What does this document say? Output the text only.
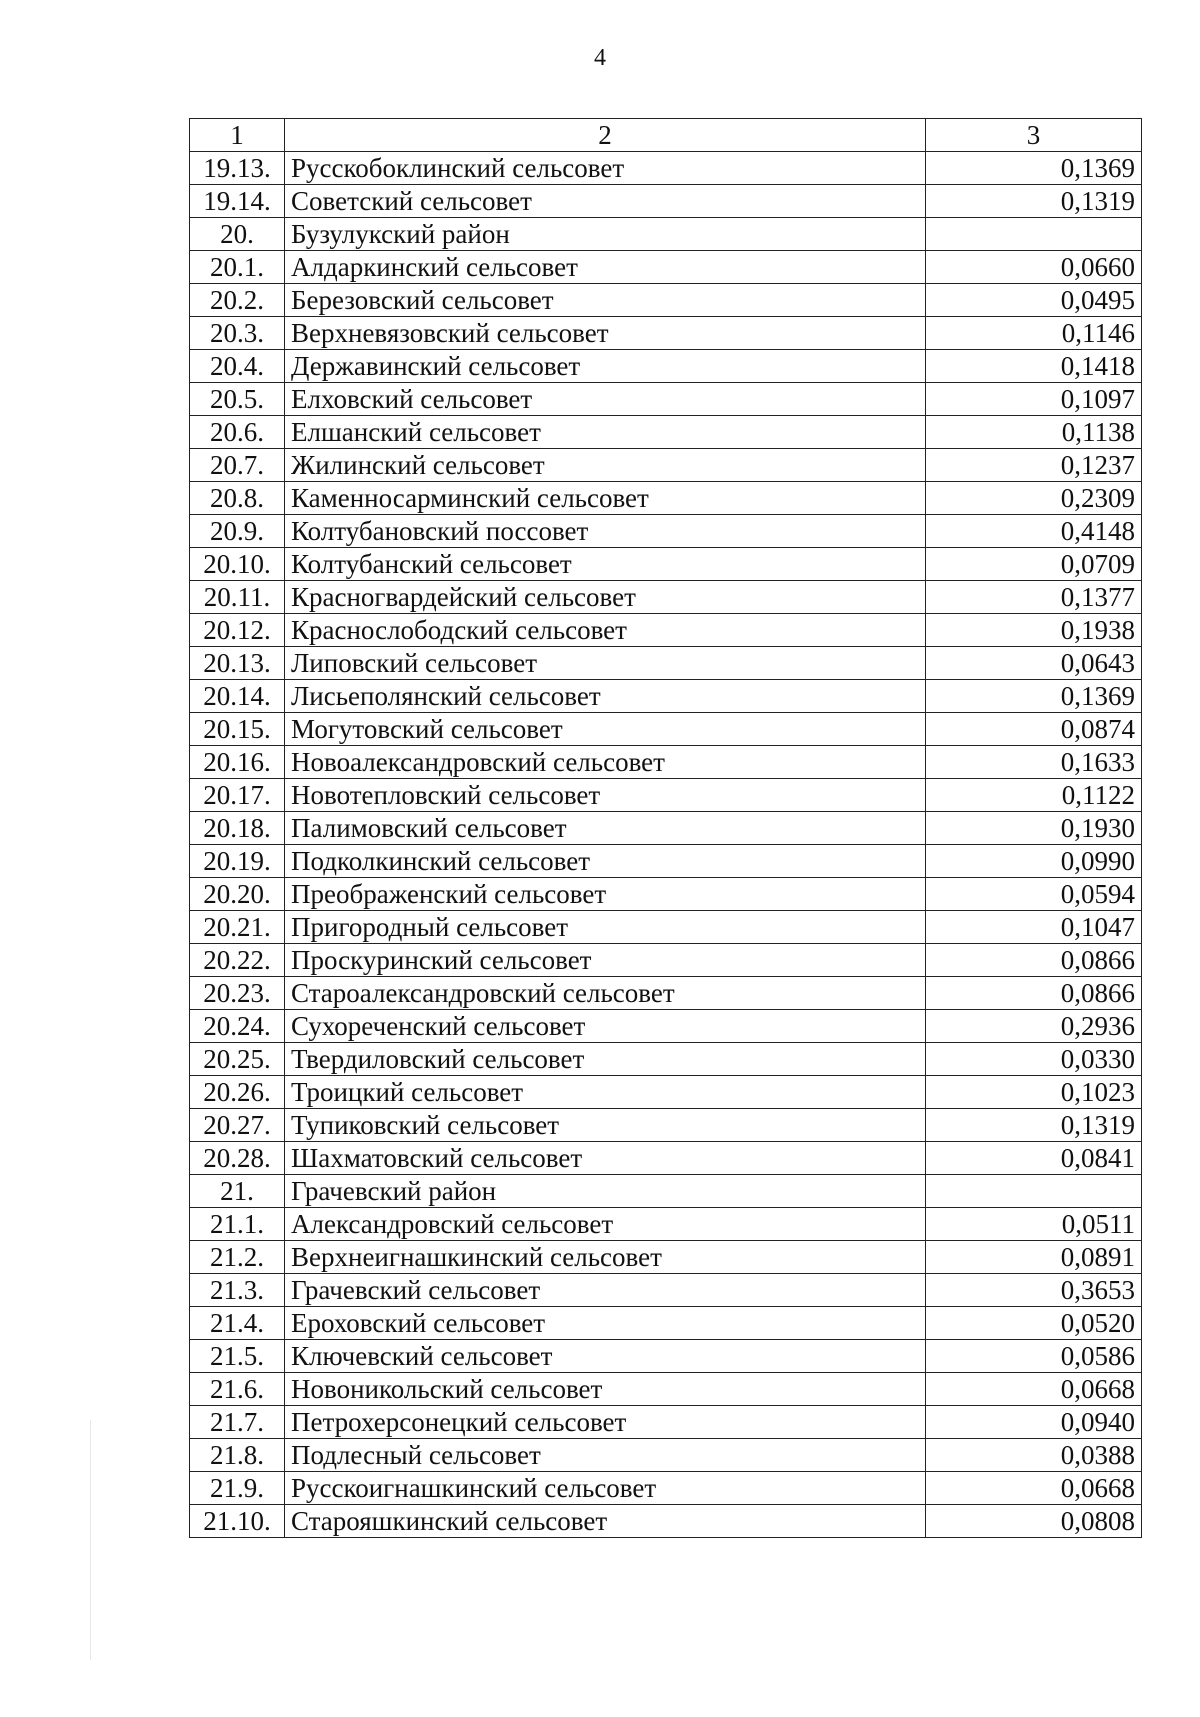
4
1	2	3
19.13.	Русскобоклинский сельсовет	0,1369
19.14.	Советский сельсовет	0,1319
20.	Бузулукский район	
20.1.	Алдаркинский сельсовет	0,0660
20.2.	Березовский сельсовет	0,0495
20.3.	Верхневязовский сельсовет	0,1146
20.4.	Державинский сельсовет	0,1418
20.5.	Елховский сельсовет	0,1097
20.6.	Елшанский сельсовет	0,1138
20.7.	Жилинский сельсовет	0,1237
20.8.	Каменносарминский сельсовет	0,2309
20.9.	Колтубановский поссовет	0,4148
20.10.	Колтубанский сельсовет	0,0709
20.11.	Красногвардейский сельсовет	0,1377
20.12.	Краснослободский сельсовет	0,1938
20.13.	Липовский сельсовет	0,0643
20.14.	Лисьеполянский сельсовет	0,1369
20.15.	Могутовский сельсовет	0,0874
20.16.	Новоалександровский сельсовет	0,1633
20.17.	Новотепловский сельсовет	0,1122
20.18.	Палимовский сельсовет	0,1930
20.19.	Подколкинский сельсовет	0,0990
20.20.	Преображенский сельсовет	0,0594
20.21.	Пригородный сельсовет	0,1047
20.22.	Проскуринский сельсовет	0,0866
20.23.	Староалександровский сельсовет	0,0866
20.24.	Сухореченский сельсовет	0,2936
20.25.	Твердиловский сельсовет	0,0330
20.26.	Троицкий сельсовет	0,1023
20.27.	Тупиковский сельсовет	0,1319
20.28.	Шахматовский сельсовет	0,0841
21.	Грачевский район	
21.1.	Александровский сельсовет	0,0511
21.2.	Верхнеигнашкинский сельсовет	0,0891
21.3.	Грачевский сельсовет	0,3653
21.4.	Ероховский сельсовет	0,0520
21.5.	Ключевский сельсовет	0,0586
21.6.	Новоникольский сельсовет	0,0668
21.7.	Петрохерсонецкий сельсовет	0,0940
21.8.	Подлесный сельсовет	0,0388
21.9.	Русскоигнашкинский сельсовет	0,0668
21.10.	Старояшкинский сельсовет	0,0808
